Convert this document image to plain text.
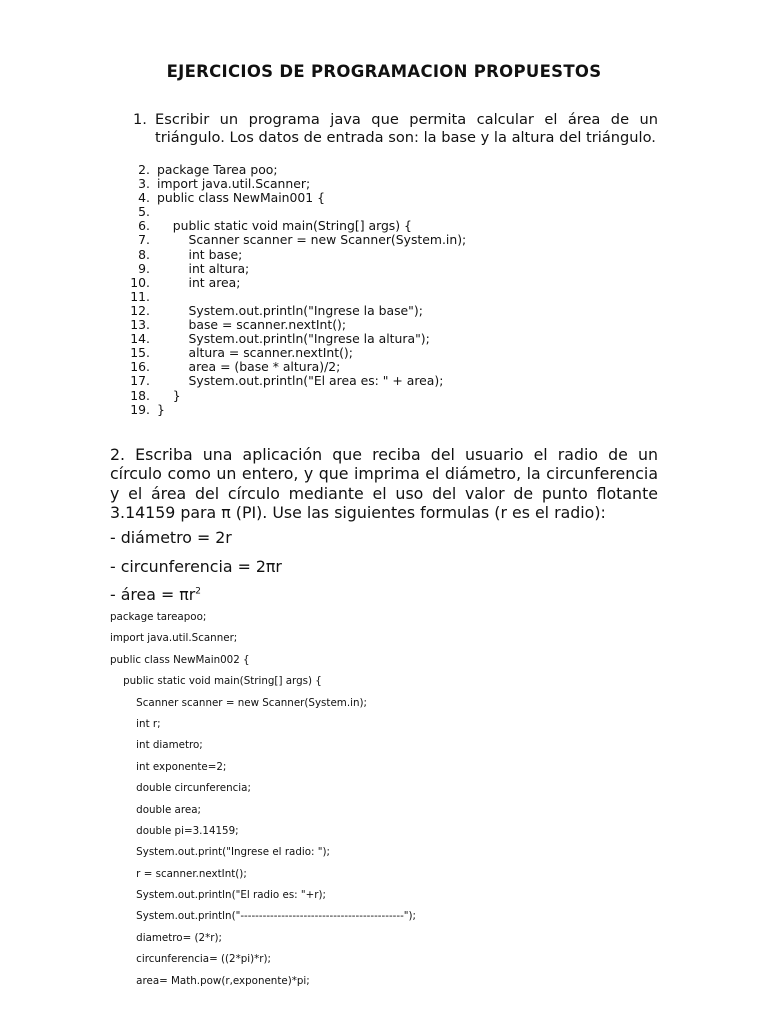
EJERCICIOS DE PROGRAMACION PROPUESTOS
1. Escribir un programa java que permita calcular el área de un triángulo. Los datos de entrada son: la base y la altura del triángulo.
2. package Tarea poo;
3. import java.util.Scanner;
4. public class NewMain001 {
5.
6. public static void main(String[] args) {
7. Scanner scanner = new Scanner(System.in);
8. int base;
9. int altura;
10. int area;
11.
12. System.out.println("Ingrese la base");
13. base = scanner.nextInt();
14. System.out.println("Ingrese la altura");
15. altura = scanner.nextInt();
16. area = (base * altura)/2;
17. System.out.println("El area es: " + area);
18. }
19. }
2. Escriba una aplicación que reciba del usuario el radio de un círculo como un entero, y que imprima el diámetro, la circunferencia y el área del círculo mediante el uso del valor de punto flotante 3.14159 para π (PI). Use las siguientes formulas (r es el radio):
- diámetro = 2r
- circunferencia = 2πr
- área = $\pi r^2$
package tareapoo;
import java.util.Scanner;
public class NewMain002 {
public static void main(String[] args) {
Scanner scanner = new Scanner(System.in);
int r;
int diametro;
int exponente=2;
double circunferencia;
double area;
double pi=3.14159;
System.out.print("Ingrese el radio: ");
r = scanner.nextInt();
System.out.println("El radio es: "+r);
System.out.println("--------------------------------------------");
diametro= (2*r);
circunferencia= ((2*pi)*r);
area= Math.pow(r,exponente)*pi;
